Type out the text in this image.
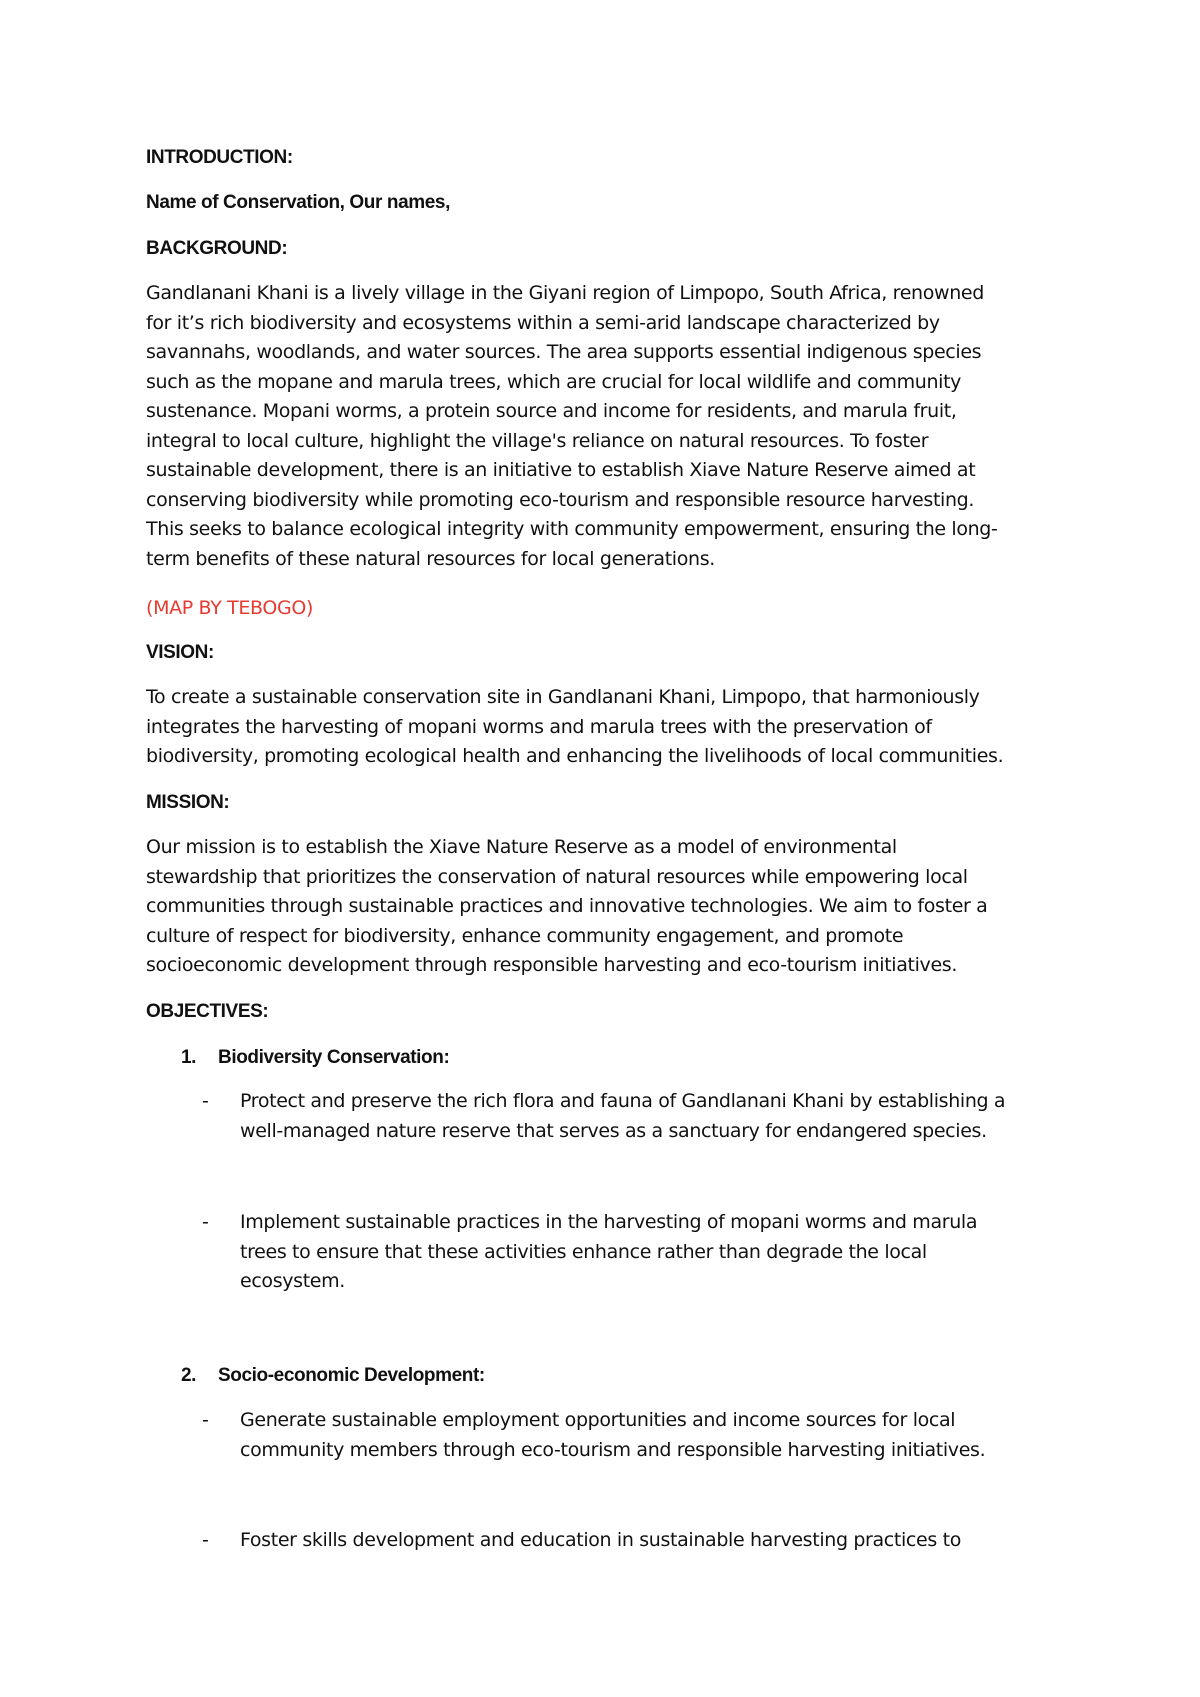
INTRODUCTION:
Name of Conservation, Our names,
BACKGROUND:
Gandlanani Khani is a lively village in the Giyani region of Limpopo, South Africa, renowned
for it’s rich biodiversity and ecosystems within a semi-arid landscape characterized by
savannahs, woodlands, and water sources. The area supports essential indigenous species
such as the mopane and marula trees, which are crucial for local wildlife and community
sustenance. Mopani worms, a protein source and income for residents, and marula fruit,
integral to local culture, highlight the village's reliance on natural resources. To foster
sustainable development, there is an initiative to establish Xiave Nature Reserve aimed at
conserving biodiversity while promoting eco-tourism and responsible resource harvesting.
This seeks to balance ecological integrity with community empowerment, ensuring the long-
term benefits of these natural resources for local generations.
(MAP BY TEBOGO)
VISION:
To create a sustainable conservation site in Gandlanani Khani, Limpopo, that harmoniously
integrates the harvesting of mopani worms and marula trees with the preservation of
biodiversity, promoting ecological health and enhancing the livelihoods of local communities.
MISSION:
Our mission is to establish the Xiave Nature Reserve as a model of environmental
stewardship that prioritizes the conservation of natural resources while empowering local
communities through sustainable practices and innovative technologies. We aim to foster a
culture of respect for biodiversity, enhance community engagement, and promote
socioeconomic development through responsible harvesting and eco-tourism initiatives.
OBJECTIVES:
1. Biodiversity Conservation:
-	Protect and preserve the rich flora and fauna of Gandlanani Khani by establishing a
well-managed nature reserve that serves as a sanctuary for endangered species.
-	Implement sustainable practices in the harvesting of mopani worms and marula
trees to ensure that these activities enhance rather than degrade the local
ecosystem.
2. Socio-economic Development:
-	Generate sustainable employment opportunities and income sources for local
community members through eco-tourism and responsible harvesting initiatives.
-	Foster skills development and education in sustainable harvesting practices to
